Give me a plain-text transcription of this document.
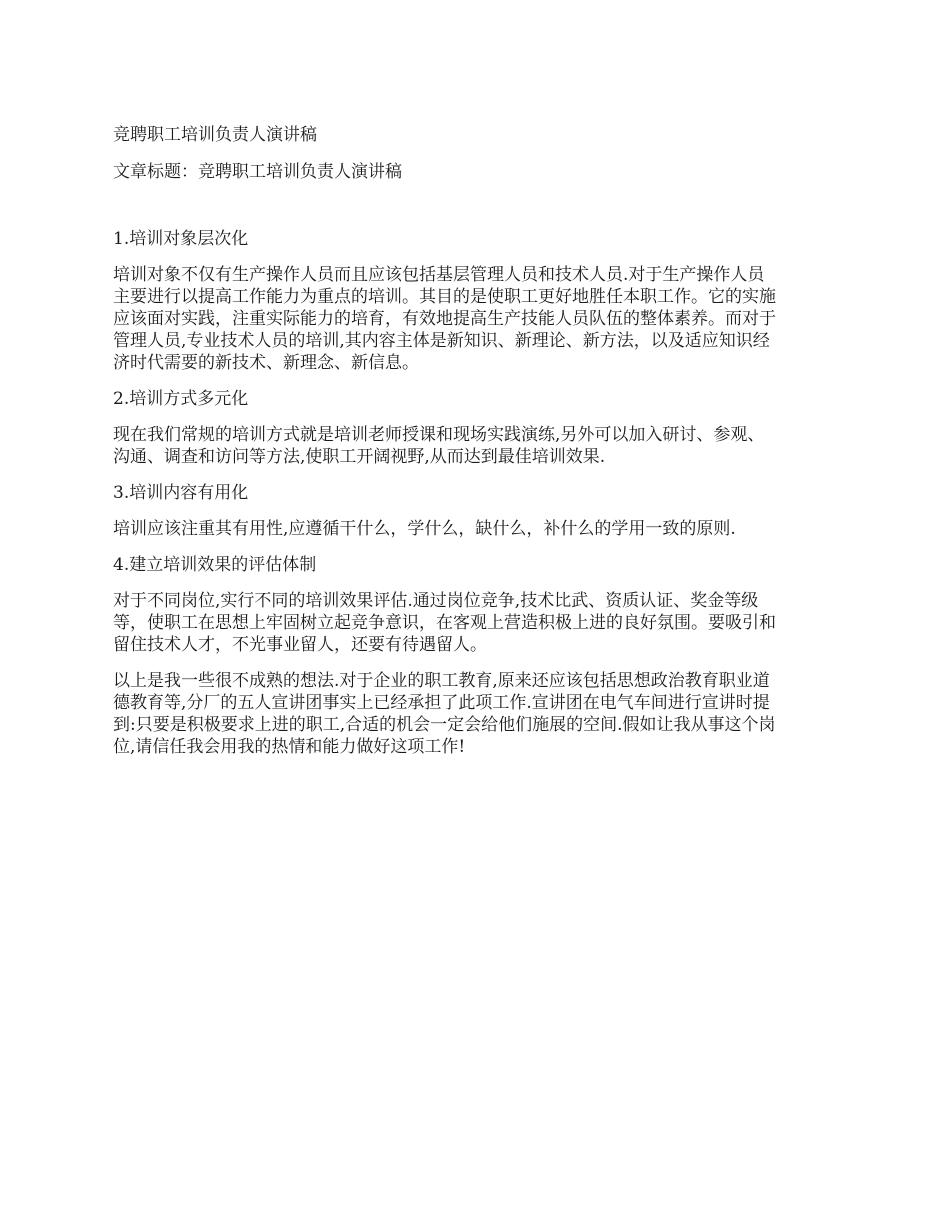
竞聘职工培训负责人演讲稿

文章标题：竞聘职工培训负责人演讲稿

1.培训对象层次化

培训对象不仅有生产操作人员而且应该包括基层管理人员和技术人员.对于生产操作人员

主要进行以提高工作能力为重点的培训。其目的是使职工更好地胜任本职工作。它的实施

应该面对实践，注重实际能力的培育，有效地提高生产技能人员队伍的整体素养。而对于

管理人员,专业技术人员的培训,其内容主体是新知识、新理论、新方法，以及适应知识经

济时代需要的新技术、新理念、新信息。

2.培训方式多元化

现在我们常规的培训方式就是培训老师授课和现场实践演练,另外可以加入研讨、参观、

沟通、调查和访问等方法,使职工开阔视野,从而达到最佳培训效果.

3.培训内容有用化

培训应该注重其有用性,应遵循干什么，学什么，缺什么，补什么的学用一致的原则.

4.建立培训效果的评估体制

对于不同岗位,实行不同的培训效果评估.通过岗位竞争,技术比武、资质认证、奖金等级

等，使职工在思想上牢固树立起竞争意识，在客观上营造积极上进的良好氛围。要吸引和

留住技术人才，不光事业留人，还要有待遇留人。

以上是我一些很不成熟的想法.对于企业的职工教育,原来还应该包括思想政治教育职业道

德教育等,分厂的五人宣讲团事实上已经承担了此项工作.宣讲团在电气车间进行宣讲时提

到:只要是积极要求上进的职工,合适的机会一定会给他们施展的空间.假如让我从事这个岗

位,请信任我会用我的热情和能力做好这项工作!
